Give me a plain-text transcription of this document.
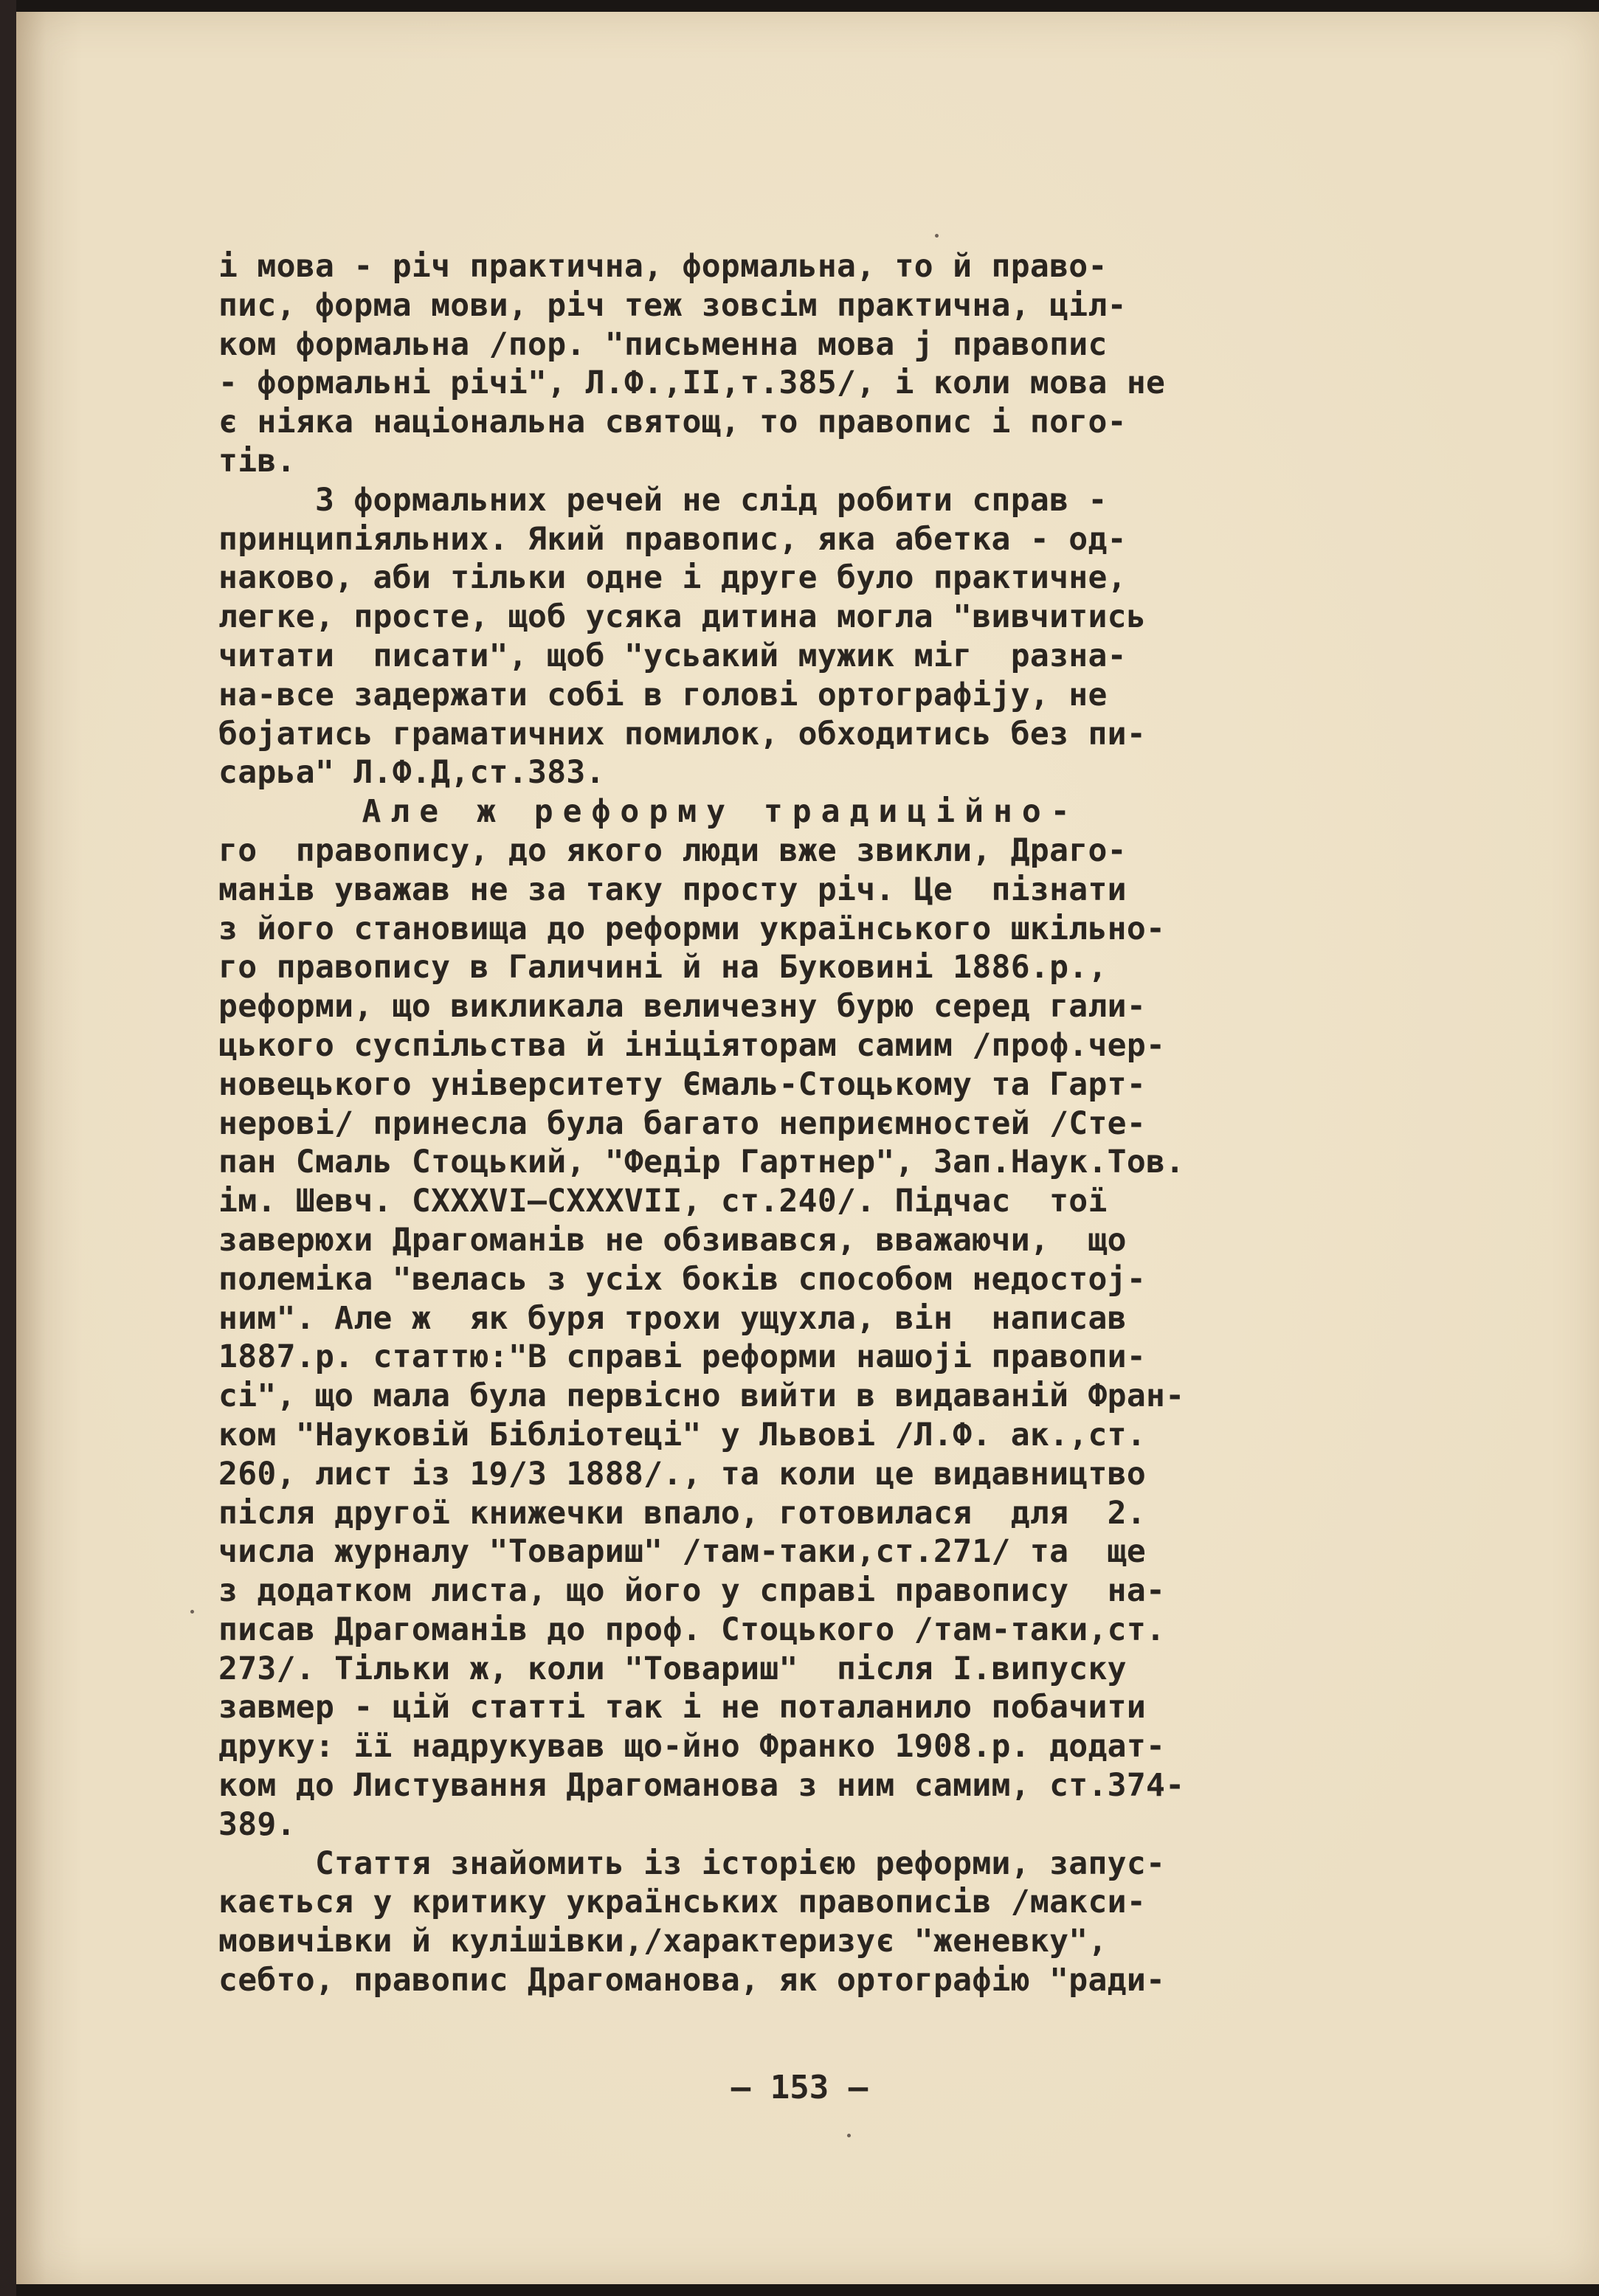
і мова - річ практична, формальна, то й право-
пис, форма мови, річ теж зовсім практична, ціл-
ком формальна /пор. "письменна мова ј правопис
- формальні річі", Л.Ф.,II,т.385/, і коли мова не
є ніяка національна святощ, то правопис і пого-
тів.
З формальних речей не слід робити справ -
принципіяльних. Який правопис, яка абетка - од-
наково, аби тільки одне і друге було практичне,
легке, просте, щоб усяка дитина могла "вивчитись
читати  писати", щоб "усьакий мужик міг  разна-
на-все задержати собі в голові ортографіју, не
бојатись граматичних помилок, обходитись без пи-
сарьа" Л.Ф.Д,ст.383.
Але ж реформу традиційно-
го  правопису, до якого люди вже звикли, Драго-
манів уважав не за таку просту річ. Це  пізнати
з його становища до реформи українського шкільно-
го правопису в Галичині й на Буковині 1886.р.,
реформи, що викликала величезну бурю серед гали-
цького суспільства й ініціяторам самим /проф.чер-
новецького університету Ємаль-Стоцькому та Гарт-
нерові/ принесла була багато неприємностей /Сте-
пан Смаль Стоцький, "Федір Гартнер", Зап.Наук.Тов.
ім. Шевч. CXXXVI—CXXXVII, ст.240/. Підчас  тої
заверюхи Драгоманів не обзивався, вважаючи,  що
полеміка "велась з усіх боків способом недостој-
ним". Але ж  як буря трохи ущухла, він  написав
1887.р. статтю:"В справі реформи нашојі правопи-
сі", що мала була первісно вийти в видаваній Фран-
ком "Науковій Бібліотеці" у Львові /Л.Ф. ак.,ст.
260, лист із 19/3 1888/., та коли це видавництво
після другої книжечки впало, готовилася  для  2.
числа журналу "Товариш" /там-таки,ст.271/ та  ще
з додатком листа, що його у справі правопису  на-
писав Драгоманів до проф. Стоцького /там-таки,ст.
273/. Тільки ж, коли "Товариш"  після І.випуску
завмер - цій статті так і не поталанило побачити
друку: її надрукував що-йно Франко 1908.р. додат-
ком до Листування Драгоманова з ним самим, ст.374-
389.
Стаття знайомить із історією реформи, запус-
кається у критику українських правописів /макси-
мовичівки й кулішівки,/характеризує "женевку",
себто, правопис Драгоманова, як ортографію "ради-
— 153 —
